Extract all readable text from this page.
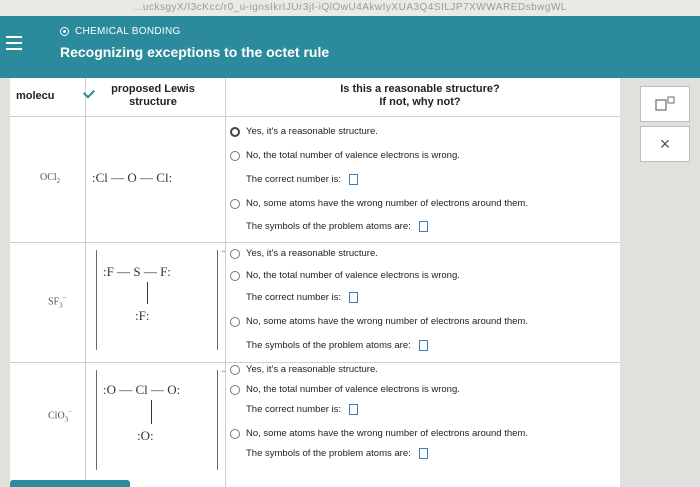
...ucksgyX/I3cKcc/r0_u-ignsIkrIJUr3jI-iQlOwU4AkwIyXUA3Q4SILJP7XWWAREDsbwgWL
CHEMICAL BONDING
Recognizing exceptions to the octet rule
molecu
proposed Lewis
structure
Is this a reasonable structure?
If not, why not?
OCl$_2$ :Cl — O — Cl:
Yes, it's a reasonable structure.
No, the total number of valence electrons is wrong.
The correct number is:
No, some atoms have the wrong number of electrons around them.
The symbols of the problem atoms are:
$SF_3^-$
:F — S — F:
:F:
− Yes, it's a reasonable structure.
No, the total number of valence electrons is wrong.
The correct number is:
No, some atoms have the wrong number of electrons around them.
The symbols of the problem atoms are:
ClO$_3$−
:O — Cl — O:
:O:
− Yes, it's a reasonable structure.
No, the total number of valence electrons is wrong.
The correct number is:
No, some atoms have the wrong number of electrons around them.
The symbols of the problem atoms are:
×
